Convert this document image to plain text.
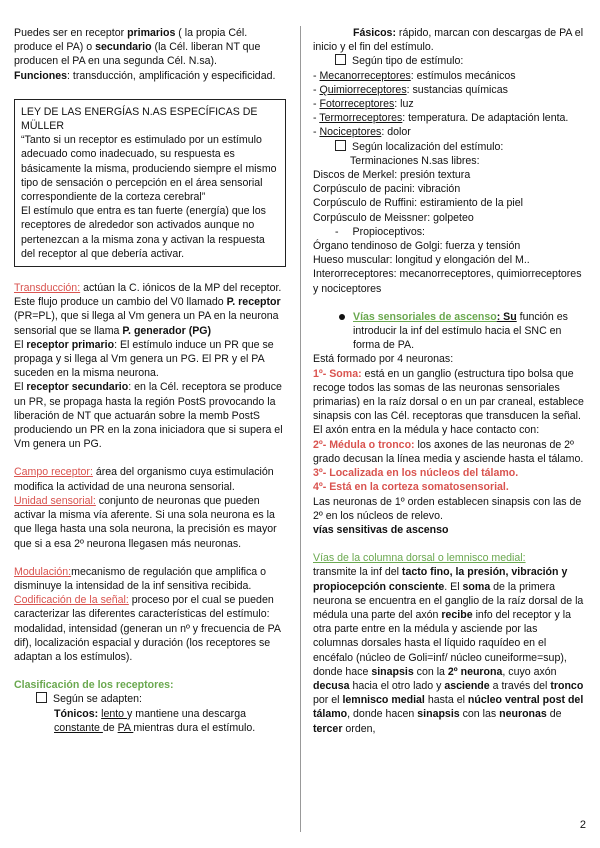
Puedes ser en receptor primarios ( la propia Cél. produce el PA) o secundario (la Cél. liberan NT que producen el PA en una segunda Cél. N.sa).
Funciones: transducción, amplificación y especificidad.

LEY DE LAS ENERGÍAS N.AS ESPECÍFICAS DE MÜLLER

“Tanto si un receptor es estimulado por un estímulo adecuado como inadecuado, su respuesta es básicamente la misma, produciendo siempre el mismo tipo de sensación o percepción en el área sensorial correspondiente de la corteza cerebral”

El estímulo que entra es tan fuerte (energía) que los receptores de alrededor son activados aunque no pertenezcan a la misma zona y activan la respuesta del receptor al que debería activar.

Transducción: actúan la C. iónicos de la MP del receptor. Este flujo produce un cambio del V0 llamado P. receptor (PR=PL), que si llega al Vm genera un PA en la neurona sensorial que se llama P. generador (PG)

El receptor primario: El estímulo induce un PR que se propaga y si llega al Vm genera un PG. El PR y el PA suceden en la misma neurona.

El receptor secundario: en la Cél. receptora se produce un PR, se propaga hasta la región PostS provocando la liberación de NT que actuarán sobre la memb PostS produciendo un PR en la zona iniciadora que si supera el Vm genera un PG.

Campo receptor: área del organismo cuya estimulación modifica la actividad de una neurona sensorial.

Unidad sensorial: conjunto de neuronas que pueden activar la misma vía aferente. Si una sola neurona es la que llega hasta una sola neurona, la precisión es mayor que si a esa 2º neurona llegasen más neuronas.

Modulación:mecanismo de regulación que amplifica o disminuye la intensidad de la inf sensitiva recibida.

Codificación de la señal: proceso por el cual se pueden caracterizar las diferentes características del estímulo: modalidad, intensidad (generan un nº y frecuencia de PA dif), localización espacial y duración (los receptores se adaptan a los estímulos).

Clasificación de los receptores:

Según se adapten:

Tónicos: lento y mantiene una descarga constante de PA mientras dura el estímulo.

Fásicos: rápido, marcan con descargas de PA el inicio y el fin del estímulo.

Según tipo de estímulo:

- Mecanorreceptores: estímulos mecánicos

- Quimiorreceptores: sustancias químicas

- Fotorreceptores: luz

- Termorreceptores: temperatura. De adaptación lenta.

- Nociceptores: dolor

Según localización del estímulo:

Terminaciones N.sas libres:

Discos de Merkel: presión textura

Corpúsculo de pacini: vibración

Corpúsculo de Ruffini: estiramiento de la piel

Corpúsculo de Meissner: golpeteo

- Propioceptivos:

Órgano tendinoso de Golgi: fuerza y tensión

Hueso muscular: longitud y elongación del M..

Interorreceptores: mecanorreceptores, quimiorreceptores y nociceptores

Vías sensoriales de ascenso: Su función es introducir la inf del estímulo hacia el SNC en forma de PA.

Está formado por 4 neuronas:

1º- Soma: está en un ganglio (estructura tipo bolsa que recoge todos las somas de las neuronas sensoriales primarias) en la raíz dorsal o en un par craneal, establece sinapsis con las Cél. receptoras que transducen la señal. El axón entra en la médula y hace contacto con:

2º- Médula o tronco: los axones de las neuronas de 2º grado decusan la línea media y asciende hasta el tálamo.

3º- Localizada en los núcleos del tálamo.

4º- Está en la corteza somatosensorial.

Las neuronas de 1º orden establecen sinapsis con las de 2º en los núcleos de relevo.

vías sensitivas de ascenso

Vías de la columna dorsal o lemnisco medial:

transmite la inf del tacto fino, la presión, vibración y propiocepción consciente. El soma de la primera neurona se encuentra en el ganglio de la raíz dorsal de la médula una parte del axón recibe info del receptor y la otra parte entre en la médula y asciende por las columnas dorsales hasta el líquido raquídeo en el encéfalo (núcleo de Goli=inf/ núcleo cuneiforme=sup), donde hace sinapsis con la 2º neurona, cuyo axón decusa hacia el otro lado y asciende a través del tronco por el lemnisco medial hasta el núcleo ventral post del tálamo, donde hacen sinapsis con las neuronas de tercer orden,

2
